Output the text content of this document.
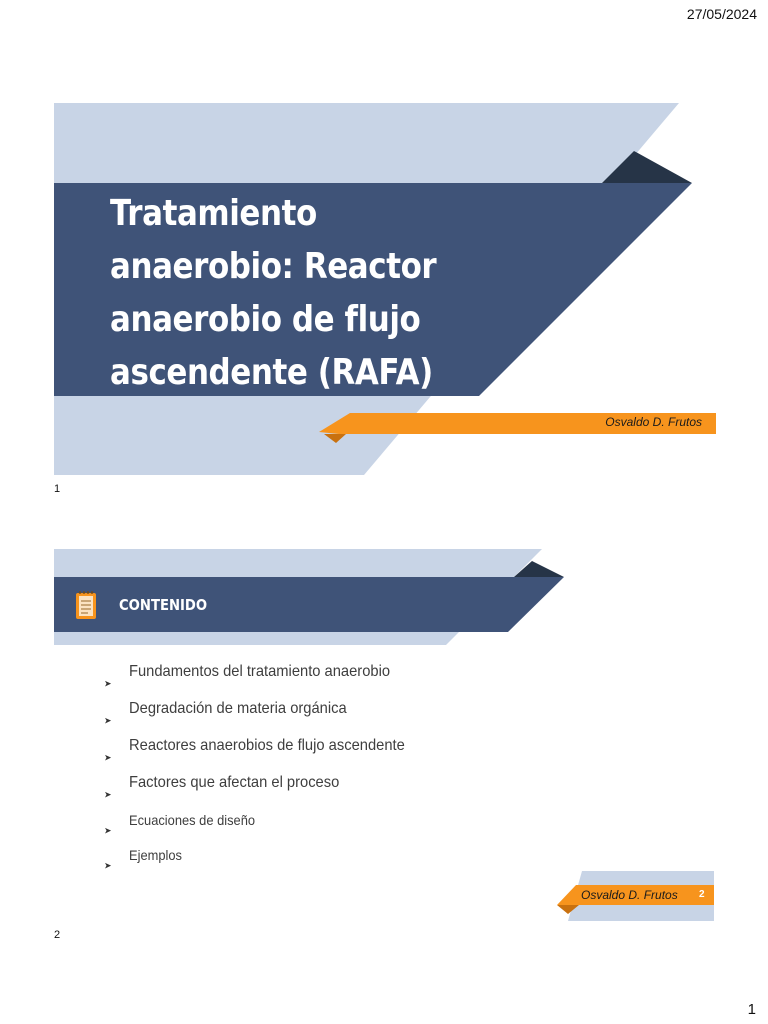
27/05/2024
Tratamiento anaerobio: Reactor anaerobio de flujo ascendente (RAFA)
Osvaldo D. Frutos
1
CONTENIDO
➤
Fundamentos del tratamiento anaerobio
➤
Degradación de materia orgánica
➤
Reactores anaerobios de flujo ascendente
➤
Factores que afectan el proceso
➤
Ecuaciones de diseño
➤
Ejemplos
Osvaldo D. Frutos 2
2
1
